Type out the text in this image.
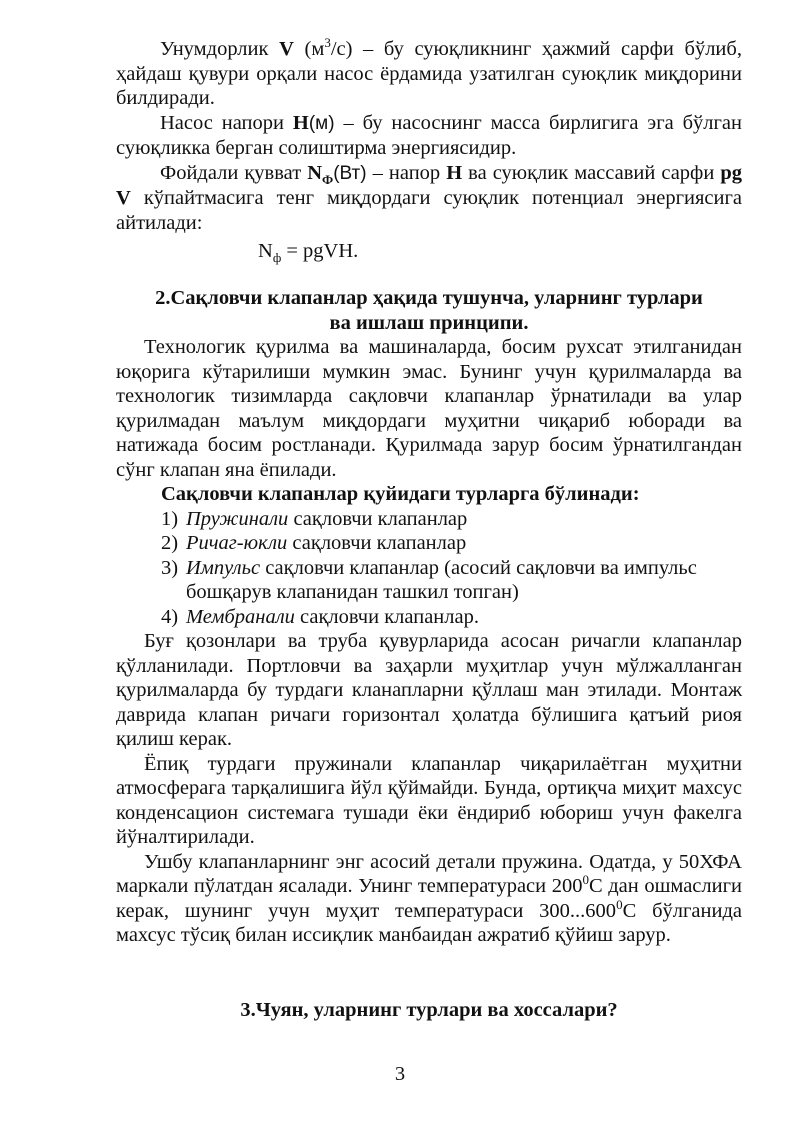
Унумдорлик V $(м^3/с)$ – бу суюқликнинг ҳажмий сарфи бўлиб, ҳайдаш қувури орқали насос ёрдамида узатилган суюқлик миқдорини билдиради.

Насос напори H(м) – бу насоснинг масса бирлигига эга бўлган суюқликка берган солиштирма энергиясидир.

Фойдали қувват $N_Ф(Вт)$ – напор H ва суюқлик массавий сарфи pg V кўпайтмасига тенг миқдордаги суюқлик потенциал энергиясига айтилади:

$N_ф$ = pgVH.

2.Сақловчи клапанлар ҳақида тушунча, уларнинг турлари
ва ишлаш принципи.

Технологик қурилма ва машиналарда, босим рухсат этилганидан юқорига кўтарилиши мумкин эмас. Бунинг учун қурилмаларда ва технологик тизимларда сақловчи клапанлар ўрнатилади ва улар қурилмадан маълум миқдордаги муҳитни чиқариб юборади ва натижада босим ростланади. Қурилмада зарур босим ўрнатилгандан сўнг клапан яна ёпилади.

Сақловчи клапанлар қуйидаги турларга бўлинади:

1) Пружинали сақловчи клапанлар
2) Ричаг-юкли сақловчи клапанлар
3) Импульс сақловчи клапанлар (асосий сақловчи ва импульс бошқарув клапанидан ташкил топган)
4) Мембранали сақловчи клапанлар.

Буғ қозонлари ва труба қувурларида асосан ричагли клапанлар қўлланилади. Портловчи ва заҳарли муҳитлар учун мўлжалланган қурилмаларда бу турдаги кланапларни қўллаш ман этилади. Монтаж даврида клапан ричаги горизонтал ҳолатда бўлишига қатъий риоя қилиш керак.

Ёпиқ турдаги пружинали клапанлар чиқарилаётган муҳитни атмосферага тарқалишига йўл қўймайди. Бунда, ортиқча миҳит махсус конденсацион системага тушади ёки ёндириб юбориш учун факелга йўналтирилади.

Ушбу клапанларнинг энг асосий детали пружина. Одатда, у 50ХФА маркали пўлатдан ясалади. Унинг температураси $200^0С$ дан ошмаслиги керак, шунинг учун муҳит температураси 300...600$^0$С бўлганида махсус тўсиқ билан иссиқлик манбаидан ажратиб қўйиш зарур.

3.Чуян, уларнинг турлари ва хоссалари?

3
